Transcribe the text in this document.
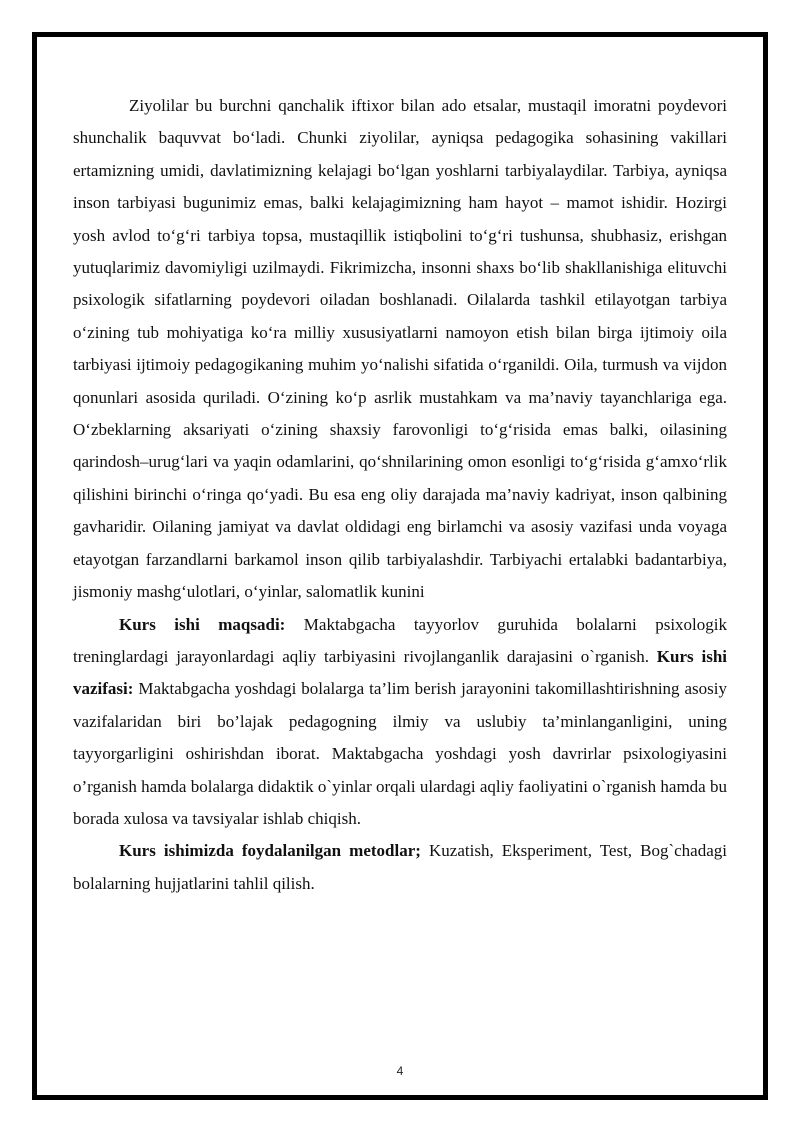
Ziyolilar bu burchni qanchalik iftixor bilan ado etsalar, mustaqil imoratni poydevori shunchalik baquvvat bo‘ladi. Chunki ziyolilar, ayniqsa pedagogika sohasining vakillari ertamizning umidi, davlatimizning kelajagi bo‘lgan yoshlarni tarbiyalaydilar. Tarbiya, ayniqsa inson tarbiyasi bugunimiz emas, balki kelajagimizning ham hayot – mamot ishidir. Hozirgi yosh avlod to‘g‘ri tarbiya topsa, mustaqillik istiqbolini to‘g‘ri tushunsa, shubhasiz, erishgan yutuqlarimiz davomiyligi uzilmaydi. Fikrimizcha, insonni shaxs bo‘lib shakllanishiga elituvchi psixologik sifatlarning poydevori oiladan boshlanadi. Oilalarda tashkil etilayotgan tarbiya o‘zining tub mohiyatiga ko‘ra milliy xususiyatlarni namoyon etish bilan birga ijtimoiy oila tarbiyasi ijtimoiy pedagogikaning muhim yo‘nalishi sifatida o‘rganildi. Oila, turmush va vijdon qonunlari asosida quriladi. O‘zining ko‘p asrlik mustahkam va ma’naviy tayanchlariga ega. O‘zbeklarning aksariyati o‘zining shaxsiy farovonligi to‘g‘risida emas balki, oilasining qarindosh–urug‘lari va yaqin odamlarini, qo‘shnilarining omon esonligi to‘g‘risida g‘amxo‘rlik qilishini birinchi o‘ringa qo‘yadi. Bu esa eng oliy darajada ma’naviy kadriyat, inson qalbining gavharidir. Oilaning jamiyat va davlat oldidagi eng birlamchi va asosiy vazifasi unda voyaga etayotgan farzandlarni barkamol inson qilib tarbiyalashdir. Tarbiyachi ertalabki badantarbiya, jismoniy mashg‘ulotlari, o‘yinlar, salomatlik kunini

Kurs ishi maqsadi: Maktabgacha tayyorlov guruhida bolalarni psixologik treninglardagi jarayonlardagi aqliy tarbiyasini rivojlanganlik darajasini o`rganish. Kurs ishi vazifasi: Maktabgacha yoshdagi bolalarga ta’lim berish jarayonini takomillashtirishning asosiy vazifalaridan biri bo’lajak pedagogning ilmiy va uslubiy ta’minlanganligini, uning tayyorgarligini oshirishdan iborat. Maktabgacha yoshdagi yosh davrirlar psixologiyasini o’rganish hamda bolalarga didaktik o`yinlar orqali ulardagi aqliy faoliyatini o`rganish hamda bu borada xulosa va tavsiyalar ishlab chiqish.

Kurs ishimizda foydalanilgan metodlar; Kuzatish, Eksperiment, Test, Bog`chadagi bolalarning hujjatlarini tahlil qilish.

4
